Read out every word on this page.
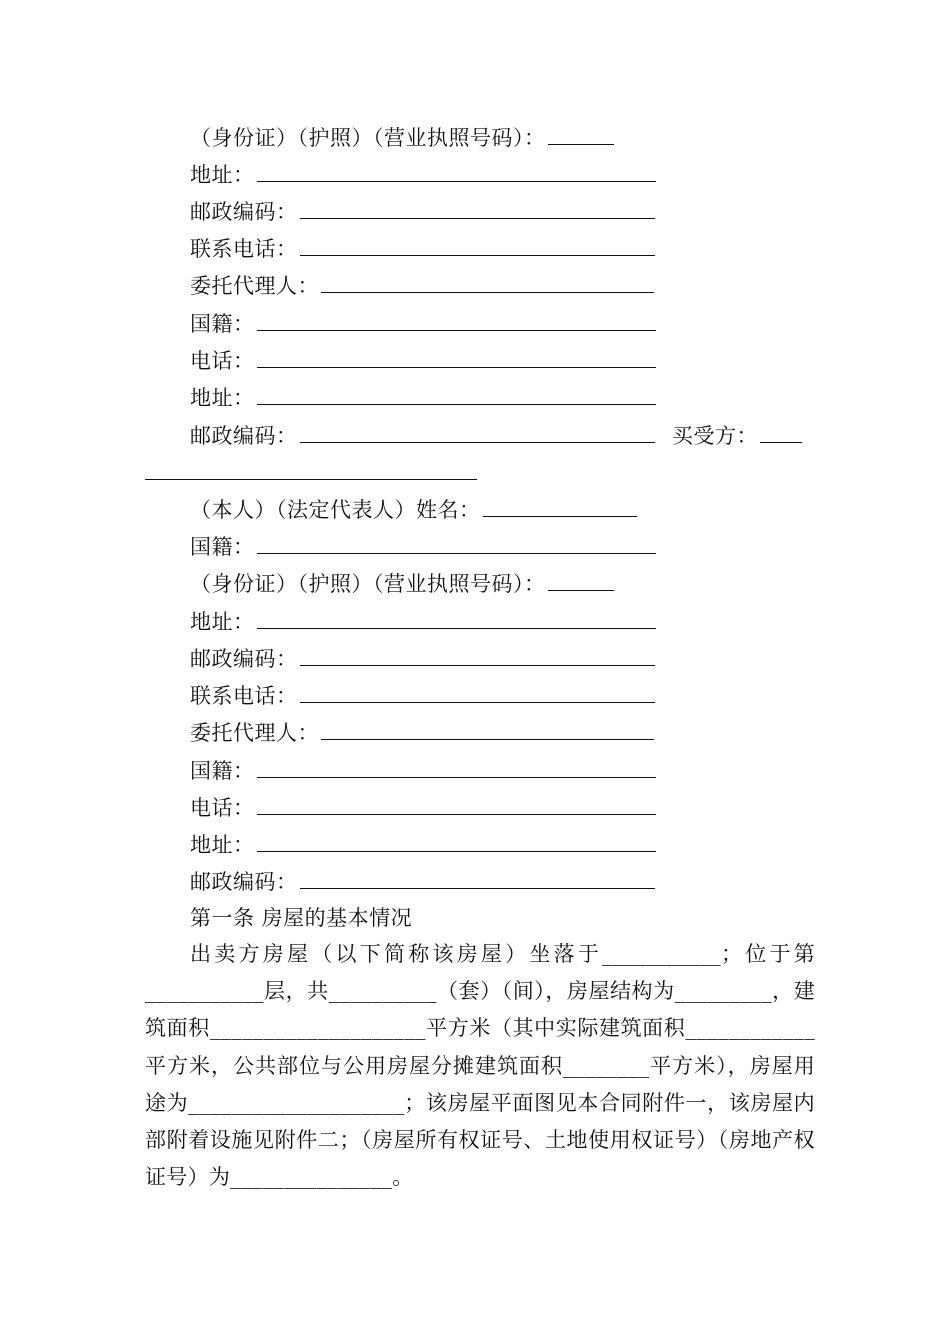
（身份证）（护照）（营业执照号码）：
地址：
邮政编码：
联系电话：
委托代理人：
国籍：
电话：
地址：
邮政编码：	买受方：
（本人）（法定代表人）姓名：
国籍：
（身份证）（护照）（营业执照号码）：
地址：
邮政编码：
联系电话：
委托代理人：
国籍：
电话：
地址：
邮政编码：
第一条 房屋的基本情况
出卖方房屋（以下简称该房屋）坐落于___________；位于第___________层，共__________（套）（间），房屋结构为_________，建筑面积____________________平方米（其中实际建筑面积____________平方米，公共部位与公用房屋分摊建筑面积________平方米），房屋用途为____________________；该房屋平面图见本合同附件一，该房屋内部附着设施见附件二；（房屋所有权证号、土地使用权证号）（房地产权证号）为_______________。
